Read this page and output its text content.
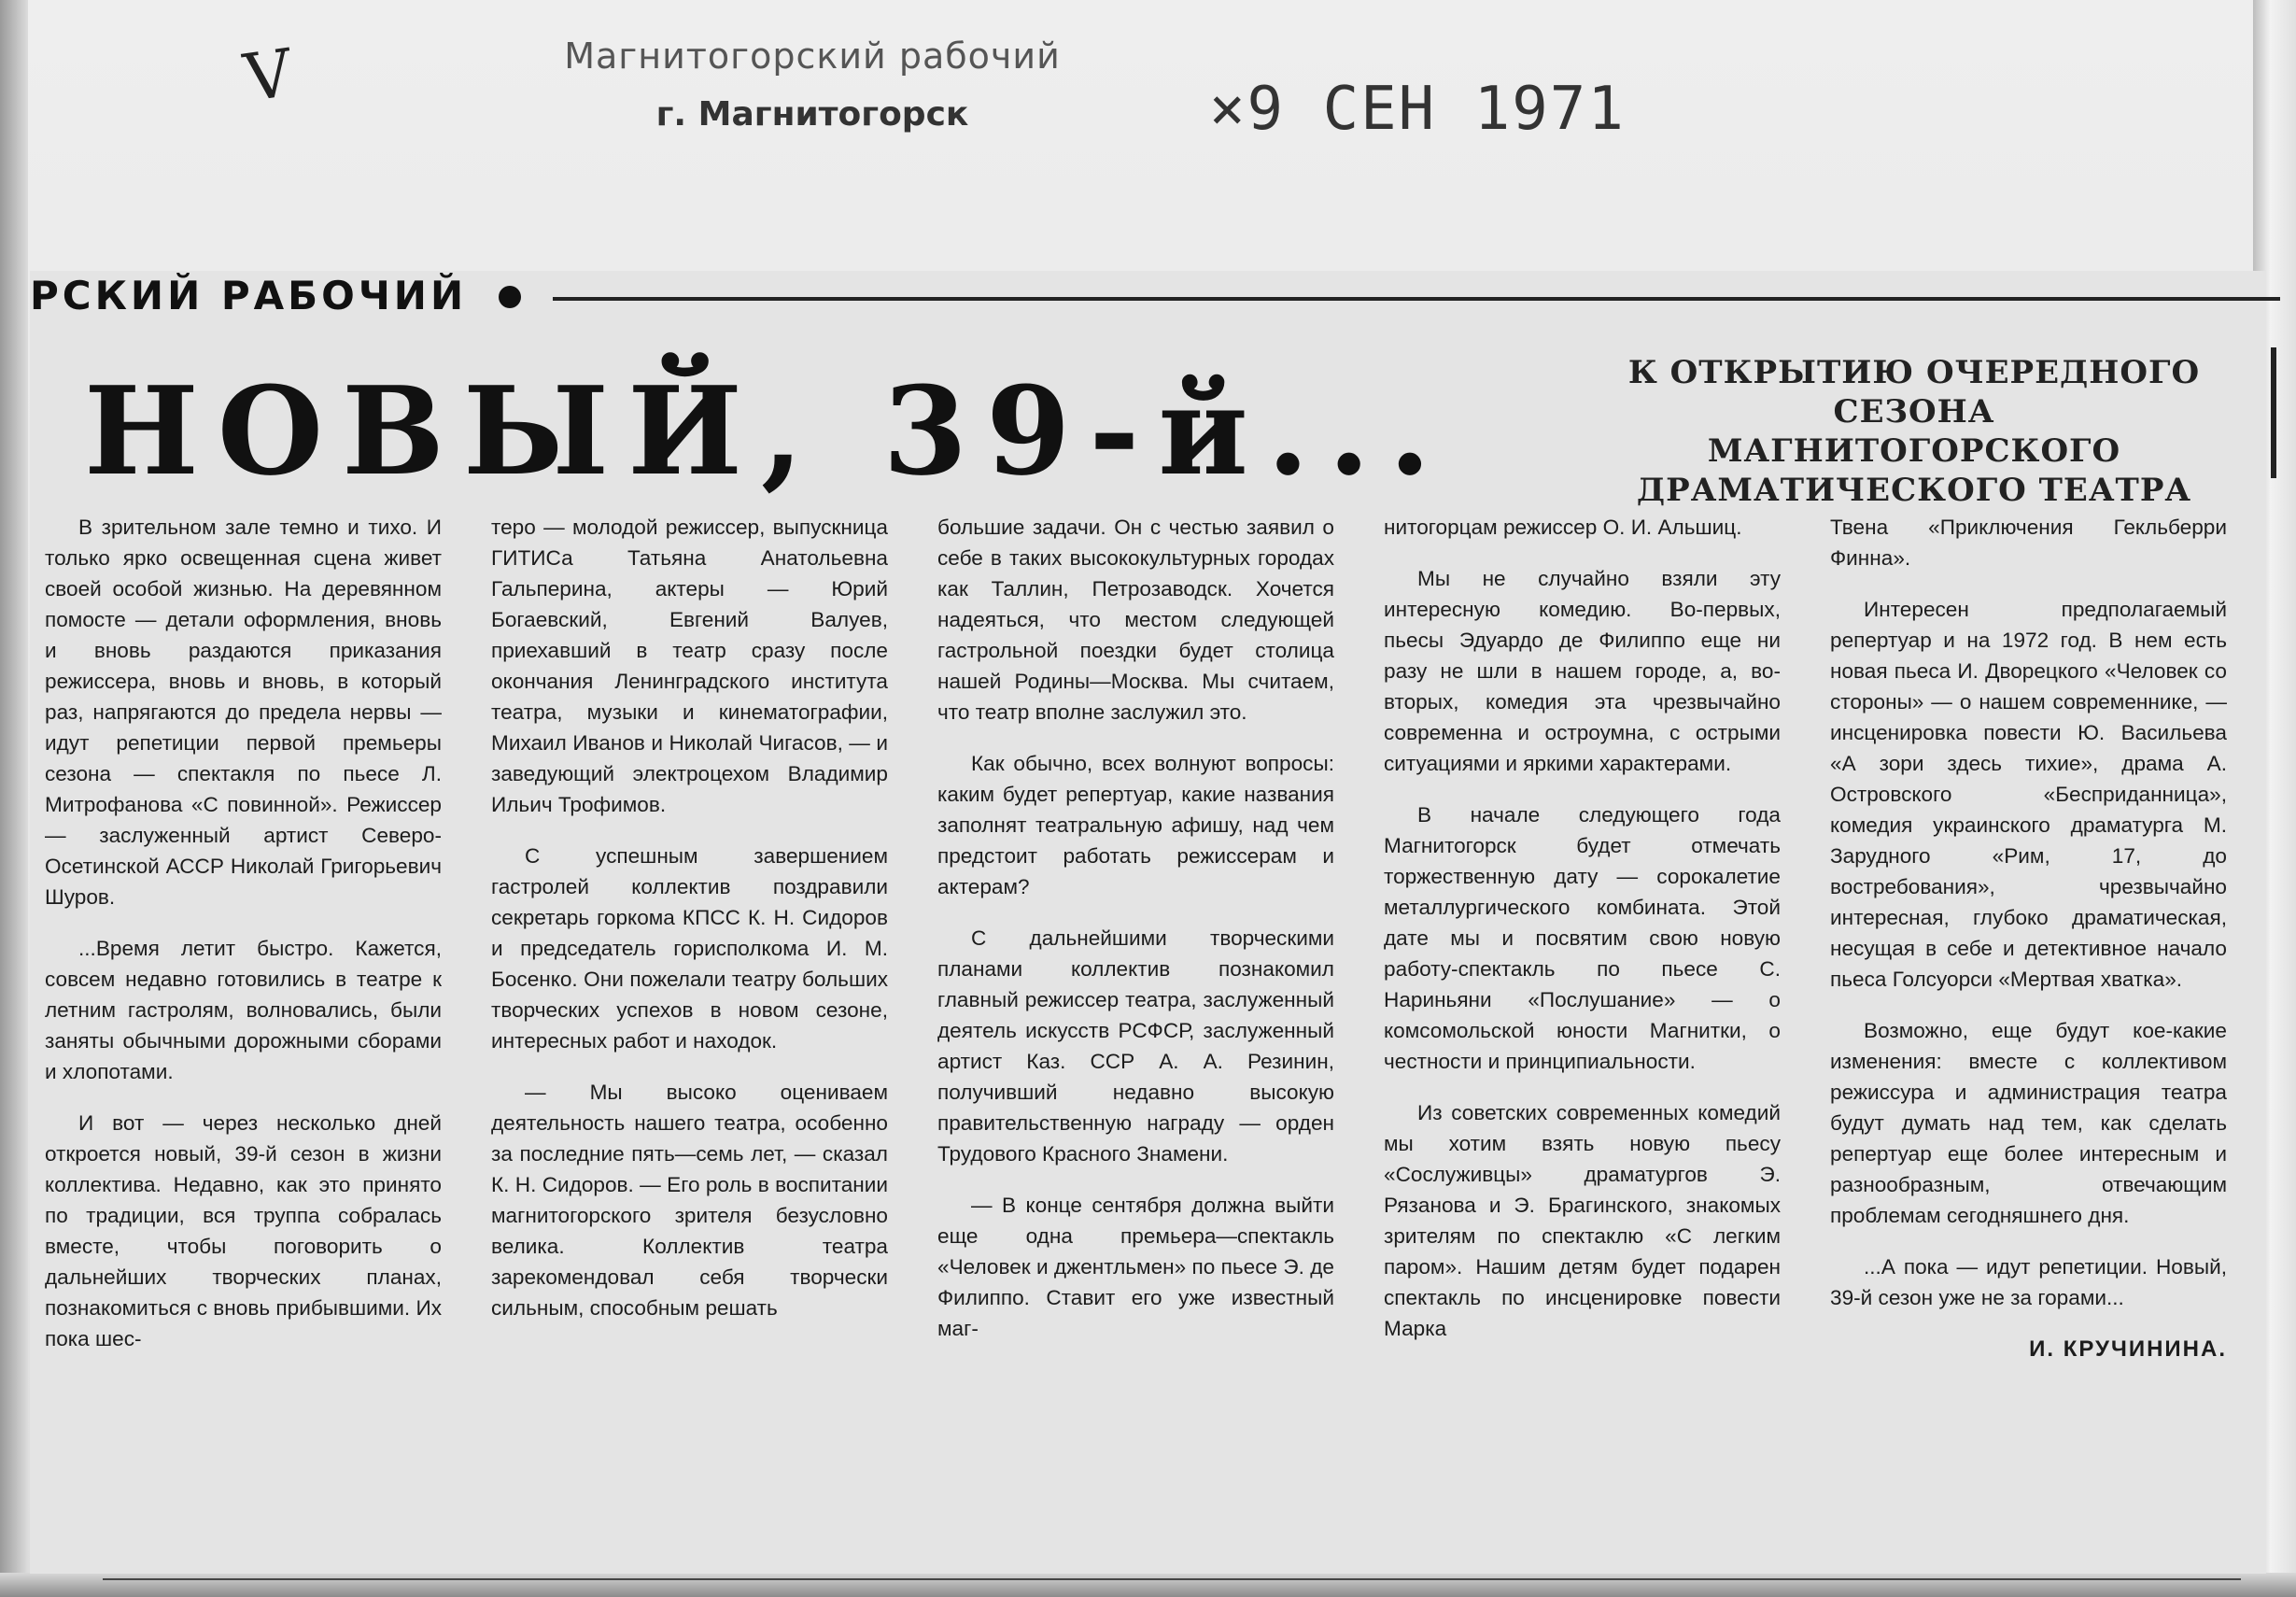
V	Магнитогорский рабочий
г. Магнитогорск	×9 СЕН 1971
РСКИЙ РАБОЧИЙ
НОВЫЙ, 39-й...	К ОТКРЫТИЮ ОЧЕРЕДНОГО СЕЗОНА
МАГНИТОГОРСКОГО
ДРАМАТИЧЕСКОГО ТЕАТРА

В зрительном зале темно и тихо. И только ярко освещенная сцена живет своей особой жизнью. На деревянном помосте — детали оформления, вновь и вновь раздаются приказания режиссера, вновь и вновь, в который раз, напрягаются до предела нервы — идут репетиции первой премьеры сезона — спектакля по пьесе Л. Митрофанова «С повинной». Режиссер — заслуженный артист Северо-Осетинской АССР Николай Григорьевич Шуров.

...Время летит быстро. Кажется, совсем недавно готовились в театре к летним гастролям, волновались, были заняты обычными дорожными сборами и хлопотами.

И вот — через несколько дней откроется новый, 39-й сезон в жизни коллектива. Недавно, как это принято по традиции, вся труппа собралась вместе, чтобы поговорить о дальнейших творческих планах, познакомиться с вновь прибывшими. Их пока шес-

теро — молодой режиссер, выпускница ГИТИСа Татьяна Анатольевна Гальперина, актеры — Юрий Богаевский, Евгений Валуев, приехавший в театр сразу после окончания Ленинградского института театра, музыки и кинематографии, Михаил Иванов и Николай Чигасов, — и заведующий электроцехом Владимир Ильич Трофимов.

С успешным завершением гастролей коллектив поздравили секретарь горкома КПСС К. Н. Сидоров и председатель горисполкома И. М. Босенко. Они пожелали театру больших творческих успехов в новом сезоне, интересных работ и находок.

— Мы высоко оцениваем деятельность нашего театра, особенно за последние пять—семь лет, — сказал К. Н. Сидоров. — Его роль в воспитании магнитогорского зрителя безусловно велика. Коллектив театра зарекомендовал себя творчески сильным, способным решать

большие задачи. Он с честью заявил о себе в таких высококультурных городах как Таллин, Петрозаводск. Хочется надеяться, что местом следующей гастрольной поездки будет столица нашей Родины—Москва. Мы считаем, что театр вполне заслужил это.

Как обычно, всех волнуют вопросы: каким будет репертуар, какие названия заполнят театральную афишу, над чем предстоит работать режиссерам и актерам?

С дальнейшими творческими планами коллектив познакомил главный режиссер театра, заслуженный деятель искусств РСФСР, заслуженный артист Каз. ССР А. А. Резинин, получивший недавно высокую правительственную награду — орден Трудового Красного Знамени.

— В конце сентября должна выйти еще одна премьера—спектакль «Человек и джентльмен» по пьесе Э. де Филиппо. Ставит его уже известный маг-

нитогорцам режиссер О. И. Альшиц.

Мы не случайно взяли эту интересную комедию. Во-первых, пьесы Эдуардо де Филиппо еще ни разу не шли в нашем городе, а, во-вторых, комедия эта чрезвычайно современна и остроумна, с острыми ситуациями и яркими характерами.

В начале следующего года Магнитогорск будет отмечать торжественную дату — сорокалетие металлургического комбината. Этой дате мы и посвятим свою новую работу-спектакль по пьесе С. Нариньяни «Послушание» — о комсомольской юности Магнитки, о честности и принципиальности.

Из советских современных комедий мы хотим взять новую пьесу «Сослуживцы» драматургов Э. Рязанова и Э. Брагинского, знакомых зрителям по спектаклю «С легким паром». Нашим детям будет подарен спектакль по инсценировке повести Марка

Твена «Приключения Гекльберри Финна».

Интересен предполагаемый репертуар и на 1972 год. В нем есть новая пьеса И. Дворецкого «Человек со стороны» — о нашем современнике, — инсценировка повести Ю. Васильева «А зори здесь тихие», драма А. Островского «Бесприданница», комедия украинского драматурга М. Зарудного «Рим, 17, до востребования», чрезвычайно интересная, глубоко драматическая, несущая в себе и детективное начало пьеса Голсуорси «Мертвая хватка».

Возможно, еще будут кое-какие изменения: вместе с коллективом режиссура и администрация театра будут думать над тем, как сделать репертуар еще более интересным и разнообразным, отвечающим проблемам сегодняшнего дня.

...А пока — идут репетиции. Новый, 39-й сезон уже не за горами...

И. КРУЧИНИНА.
